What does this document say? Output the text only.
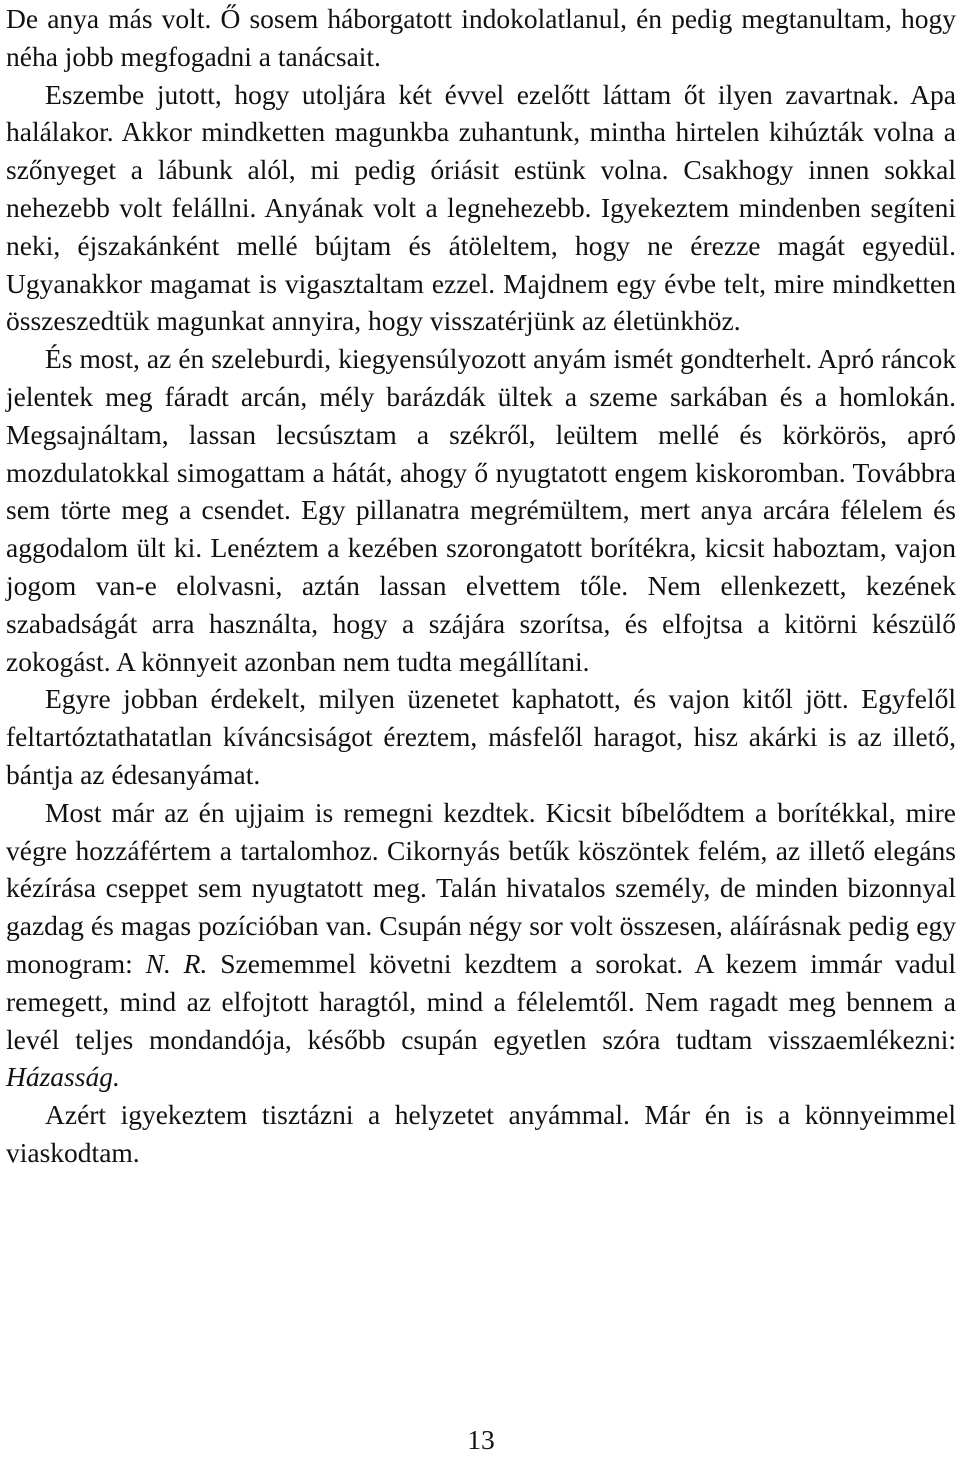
De anya más volt. Ő sosem háborgatott indokolatlanul, én pedig megtanultam, hogy néha jobb megfogadni a tanácsait.

Eszembe jutott, hogy utoljára két évvel ezelőtt láttam őt ilyen zavartnak. Apa halálakor. Akkor mindketten magunkba zuhantunk, mintha hirtelen kihúzták volna a szőnyeget a lábunk alól, mi pedig óriásit estünk volna. Csakhogy innen sokkal nehezebb volt felállni. Anyának volt a legnehezebb. Igyekeztem mindenben segíteni neki, éjszakánként mellé bújtam és átöleltem, hogy ne érezze magát egyedül. Ugyanakkor magamat is vigasztaltam ezzel. Majdnem egy évbe telt, mire mindketten összeszedtük magunkat annyira, hogy visszatérjünk az életünkhöz.

És most, az én szeleburdi, kiegyensúlyozott anyám ismét gondterhelt. Apró ráncok jelentek meg fáradt arcán, mély barázdák ültek a szeme sarkában és a homlokán. Megsajnáltam, lassan lecsúsztam a székről, leültem mellé és körkörös, apró mozdulatokkal simogattam a hátát, ahogy ő nyugtatott engem kiskoromban. Továbbra sem törte meg a csendet. Egy pillanatra megrémültem, mert anya arcára félelem és aggodalom ült ki. Lenéztem a kezében szorongatott borítékra, kicsit haboztam, vajon jogom van-e elolvasni, aztán lassan elvettem tőle. Nem ellenkezett, kezének szabadságát arra használta, hogy a szájára szorítsa, és elfojtsa a kitörni készülő zokogást. A könnyeit azonban nem tudta megállítani.

Egyre jobban érdekelt, milyen üzenetet kaphatott, és vajon kitől jött. Egyfelől feltartóztathatatlan kíváncsiságot éreztem, másfelől haragot, hisz akárki is az illető, bántja az édesanyámat.

Most már az én ujjaim is remegni kezdtek. Kicsit bíbelődtem a borítékkal, mire végre hozzáfértem a tartalomhoz. Cikornyás betűk köszöntek felém, az illető elegáns kézírása cseppet sem nyugtatott meg. Talán hivatalos személy, de minden bizonnyal gazdag és magas pozícióban van. Csupán négy sor volt összesen, aláírásnak pedig egy monogram: N. R. Szememmel követni kezdtem a sorokat. A kezem immár vadul remegett, mind az elfojtott haragtól, mind a félelemtől. Nem ragadt meg bennem a levél teljes mondandója, később csupán egyetlen szóra tudtam visszaemlékezni: Házasság.

Azért igyekeztem tisztázni a helyzetet anyámmal. Már én is a könnyeimmel viaskodtam.

13
